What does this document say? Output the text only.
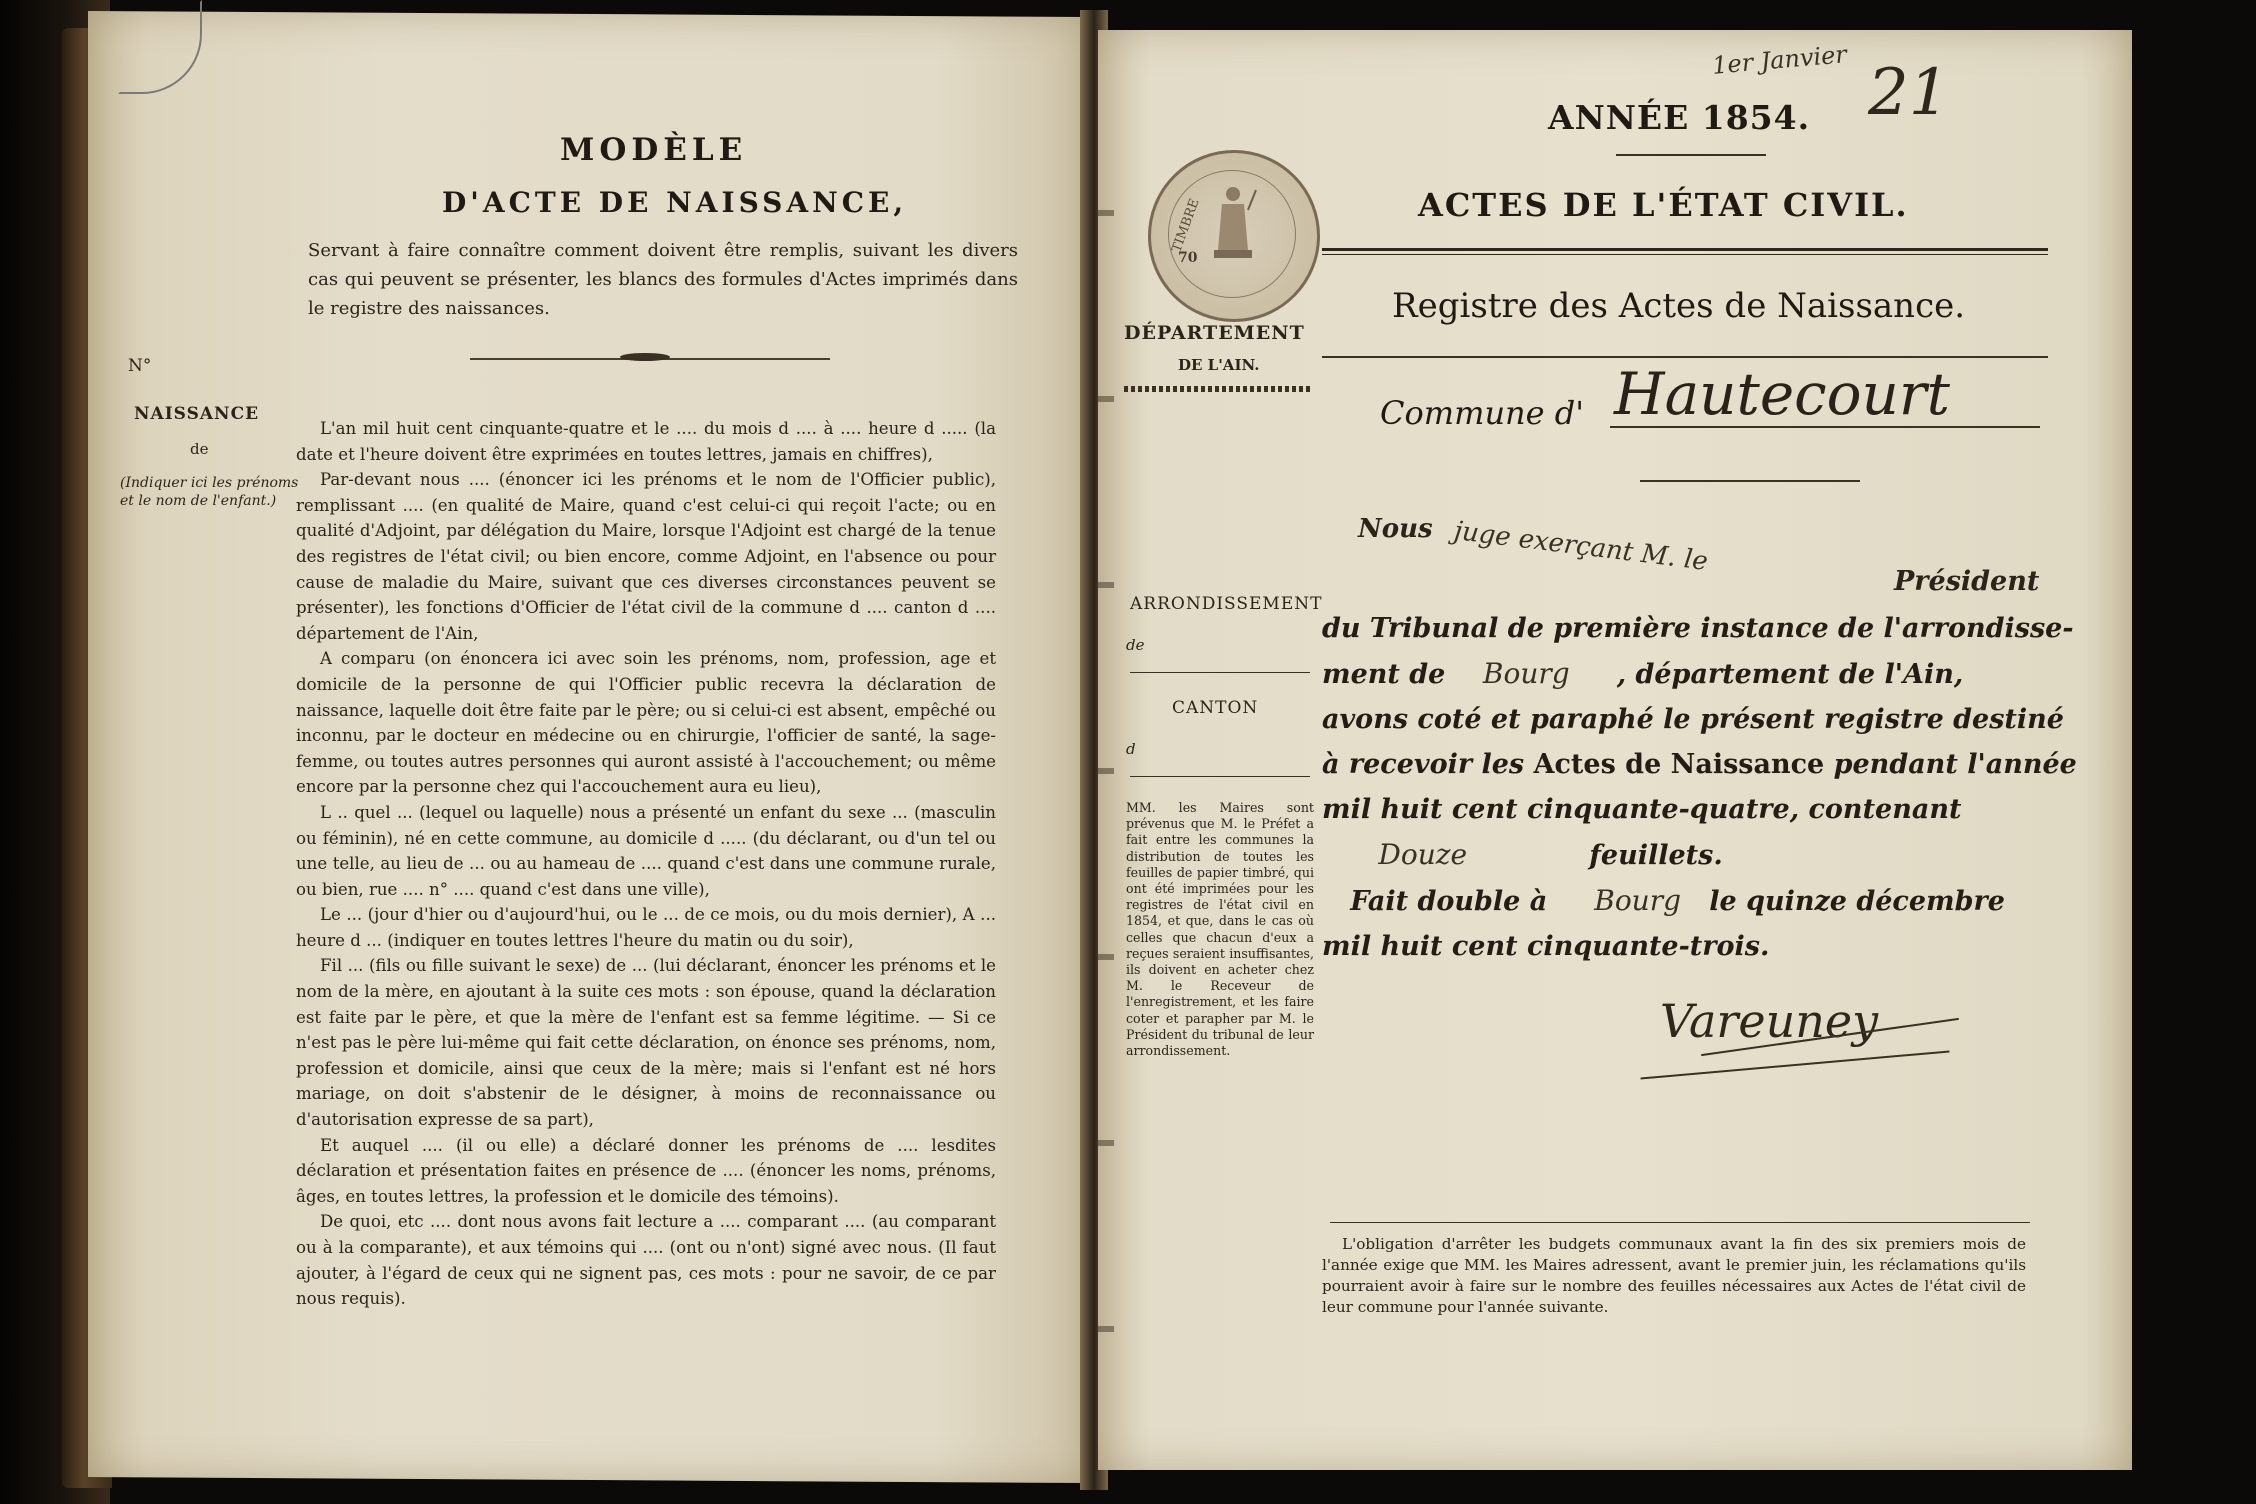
MODÈLE
D'ACTE DE NAISSANCE,
Servant à faire connaître comment doivent être remplis, suivant les divers cas qui peuvent se présenter, les blancs des formules d'Actes imprimés dans le registre des naissances.
N°
NAISSANCE
de
(Indiquer ici les prénoms et le nom de l'enfant.)

L'an mil huit cent cinquante-quatre et le .... du mois d .... à .... heure d ..... (la date et l'heure doivent être exprimées en toutes lettres, jamais en chiffres),

Par-devant nous .... (énoncer ici les prénoms et le nom de l'Officier public), remplissant .... (en qualité de Maire, quand c'est celui-ci qui reçoit l'acte; ou en qualité d'Adjoint, par délégation du Maire, lorsque l'Adjoint est chargé de la tenue des registres de l'état civil; ou bien encore, comme Adjoint, en l'absence ou pour cause de maladie du Maire, suivant que ces diverses circonstances peuvent se présenter), les fonctions d'Officier de l'état civil de la commune d .... canton d .... département de l'Ain,

A comparu (on énoncera ici avec soin les prénoms, nom, profession, age et domicile de la personne de qui l'Officier public recevra la déclaration de naissance, laquelle doit être faite par le père; ou si celui-ci est absent, empêché ou inconnu, par le docteur en médecine ou en chirurgie, l'officier de santé, la sage-femme, ou toutes autres personnes qui auront assisté à l'accouchement; ou même encore par la personne chez qui l'accouchement aura eu lieu),

L .. quel ... (lequel ou laquelle) nous a présenté un enfant du sexe ... (masculin ou féminin), né en cette commune, au domicile d ..... (du déclarant, ou d'un tel ou une telle, au lieu de ... ou au hameau de .... quand c'est dans une commune rurale, ou bien, rue .... n° .... quand c'est dans une ville),

Le ... (jour d'hier ou d'aujourd'hui, ou le ... de ce mois, ou du mois dernier), A ... heure d ... (indiquer en toutes lettres l'heure du matin ou du soir),

Fil ... (fils ou fille suivant le sexe) de ... (lui déclarant, énoncer les prénoms et le nom de la mère, en ajoutant à la suite ces mots : son épouse, quand la déclaration est faite par le père, et que la mère de l'enfant est sa femme légitime. — Si ce n'est pas le père lui-même qui fait cette déclaration, on énonce ses prénoms, nom, profession et domicile, ainsi que ceux de la mère; mais si l'enfant est né hors mariage, on doit s'abstenir de le désigner, à moins de reconnaissance ou d'autorisation expresse de sa part),

Et auquel .... (il ou elle) a déclaré donner les prénoms de .... lesdites déclaration et présentation faites en présence de .... (énoncer les noms, prénoms, âges, en toutes lettres, la profession et le domicile des témoins).

De quoi, etc .... dont nous avons fait lecture a .... comparant .... (au comparant ou à la comparante), et aux témoins qui .... (ont ou n'ont) signé avec nous. (Il faut ajouter, à l'égard de ceux qui ne signent pas, ces mots : pour ne savoir, de ce par nous requis).

1er Janvier 21
TIMBRE
70
ANNÉE 1854.
ACTES DE L'ÉTAT CIVIL.
Registre des Actes de Naissance.
DÉPARTEMENT
DE L'AIN.
ARRONDISSEMENT
de
CANTON
d
MM. les Maires sont prévenus que M. le Préfet a fait entre les communes la distribution de toutes les feuilles de papier timbré, qui ont été imprimées pour les registres de l'état civil en 1854, et que, dans le cas où celles que chacun d'eux a reçues seraient insuffisantes, ils doivent en acheter chez M. le Receveur de l'enregistrement, et les faire coter et parapher par M. le Président du tribunal de leur arrondissement.
Commune d' Hautecourt
Nous juge exerçant M. le
Président
du Tribunal de première instance de l'arrondisse-
ment de Bourg , département de l'Ain,
avons coté et paraphé le présent registre destiné
à recevoir les Actes de Naissance pendant l'année
mil huit cent cinquante-quatre, contenant
Douze	feuillets.
Fait double à Bourg le quinze décembre
mil huit cent cinquante-trois.
Vareuney

L'obligation d'arrêter les budgets communaux avant la fin des six premiers mois de l'année exige que MM. les Maires adressent, avant le premier juin, les réclamations qu'ils pourraient avoir à faire sur le nombre des feuilles nécessaires aux Actes de l'état civil de leur commune pour l'année suivante.
